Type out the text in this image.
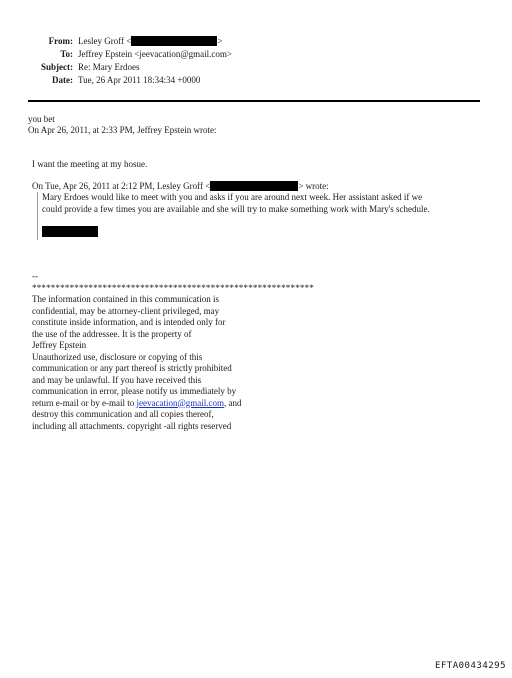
From: Lesley Groff <	>
To: Jeffrey Epstein <jeevacation@gmail.com>
Subject: Re: Mary Erdoes
Date: Tue, 26 Apr 2011 18:34:34 +0000
you bet
On Apr 26, 2011, at 2:33 PM, Jeffrey Epstein wrote:
I want the meeting at my hosue.
On Tue, Apr 26, 2011 at 2:12 PM, Lesley Groff <	> wrote:
Mary Erdoes would like to meet with you and asks if you are around next week. Her assistant asked if we
could provide a few times you are available and she will try to make something work with Mary's schedule.
--
************************************************************
The information contained in this communication is
confidential, may be attorney-client privileged, may
constitute inside information, and is intended only for
the use of the addressee. It is the property of
Jeffrey Epstein
Unauthorized use, disclosure or copying of this
communication or any part thereof is strictly prohibited
and may be unlawful. If you have received this
communication in error, please notify us immediately by
return e-mail or by e-mail to jeevacation@gmail.com, and
destroy this communication and all copies thereof,
including all attachments. copyright -all rights reserved
EFTA00434295
